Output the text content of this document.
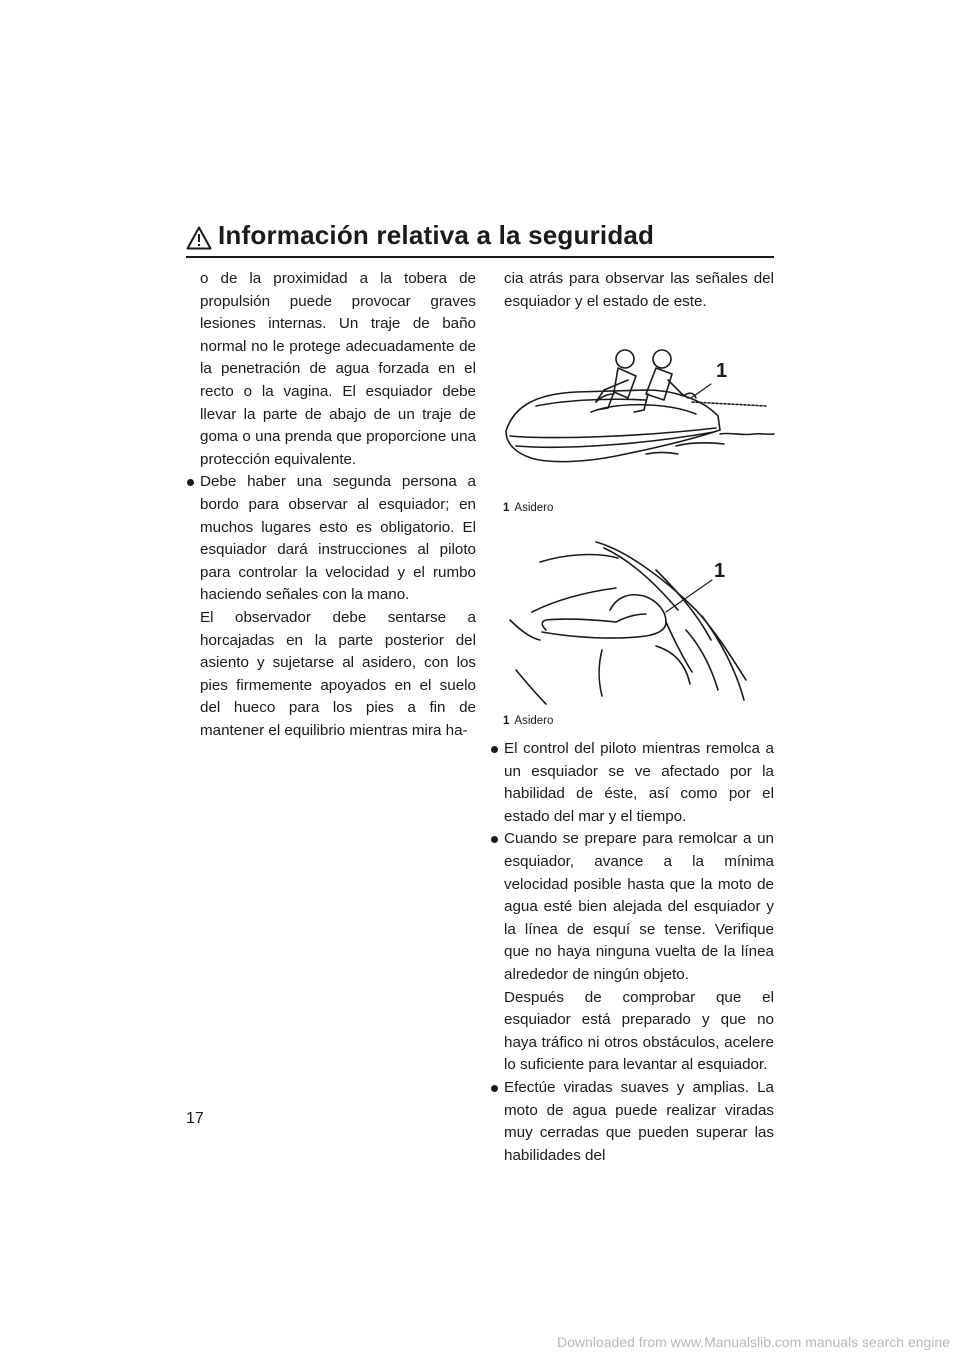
Información relativa a la seguridad

o de la proximidad a la tobera de propulsión puede provocar graves lesiones internas. Un traje de baño normal no le protege adecuadamente de la penetración de agua forzada en el recto o la vagina. El esquiador debe llevar la parte de abajo de un traje de goma o una prenda que proporcione una protección equivalente.

Debe haber una segunda persona a bordo para observar al esquiador; en muchos lugares esto es obligatorio. El esquiador dará instrucciones al piloto para controlar la velocidad y el rumbo haciendo señales con la mano.

El observador debe sentarse a horcajadas en la parte posterior del asiento y sujetarse al asidero, con los pies firmemente apoyados en el suelo del hueco para los pies a fin de mantener el equilibrio mientras mira ha-

cia atrás para observar las señales del esquiador y el estado de este.

1
1 Asidero
1
1 Asidero
El control del piloto mientras remolca a un esquiador se ve afectado por la habilidad de éste, así como por el estado del mar y el tiempo.
Cuando se prepare para remolcar a un esquiador, avance a la mínima velocidad posible hasta que la moto de agua esté bien alejada del esquiador y la línea de esquí se tense. Verifique que no haya ninguna vuelta de la línea alrededor de ningún objeto.

Después de comprobar que el esquiador está preparado y que no haya tráfico ni otros obstáculos, acelere lo suficiente para levantar al esquiador.

Efectúe viradas suaves y amplias. La moto de agua puede realizar viradas muy cerradas que pueden superar las habilidades del
17
Downloaded from www.Manualslib.com manuals search engine
